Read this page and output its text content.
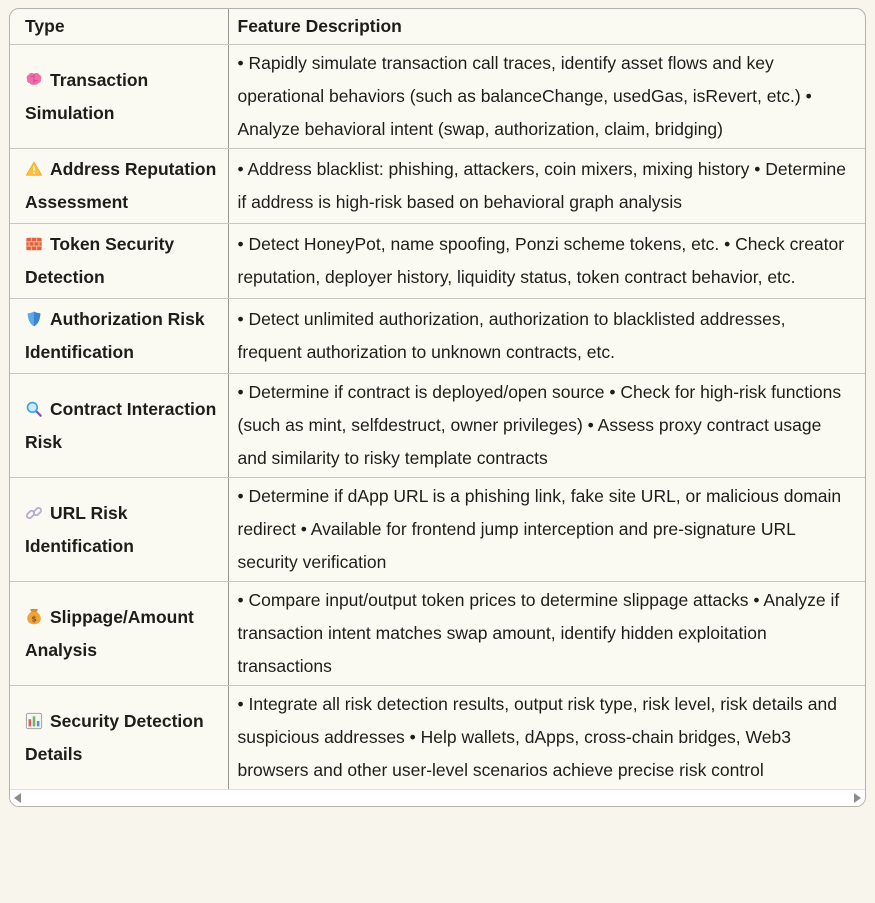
Type	Feature Description

Transaction Simulation	• Rapidly simulate transaction call traces, identify asset flows and key operational behaviors (such as balanceChange, usedGas, isRevert, etc.) • Analyze behavioral intent (swap, authorization, claim, bridging)

Address Reputation Assessment	• Address blacklist: phishing, attackers, coin mixers, mixing history • Determine if address is high-risk based on behavioral graph analysis

Token Security Detection	• Detect HoneyPot, name spoofing, Ponzi scheme tokens, etc. • Check creator reputation, deployer history, liquidity status, token contract behavior, etc.

Authorization Risk Identification	• Detect unlimited authorization, authorization to blacklisted addresses, frequent authorization to unknown contracts, etc.

Contract Interaction Risk	• Determine if contract is deployed/open source • Check for high-risk functions (such as mint, selfdestruct, owner privileges) • Assess proxy contract usage and similarity to risky template contracts

URL Risk Identification	• Determine if dApp URL is a phishing link, fake site URL, or malicious domain redirect • Available for frontend jump interception and pre-signature URL security verification

$ Slippage/Amount Analysis	• Compare input/output token prices to determine slippage attacks • Analyze if transaction intent matches swap amount, identify hidden exploitation transactions

Security Detection Details	• Integrate all risk detection results, output risk type, risk level, risk details and suspicious addresses • Help wallets, dApps, cross-chain bridges, Web3 browsers and other user-level scenarios achieve precise risk control
